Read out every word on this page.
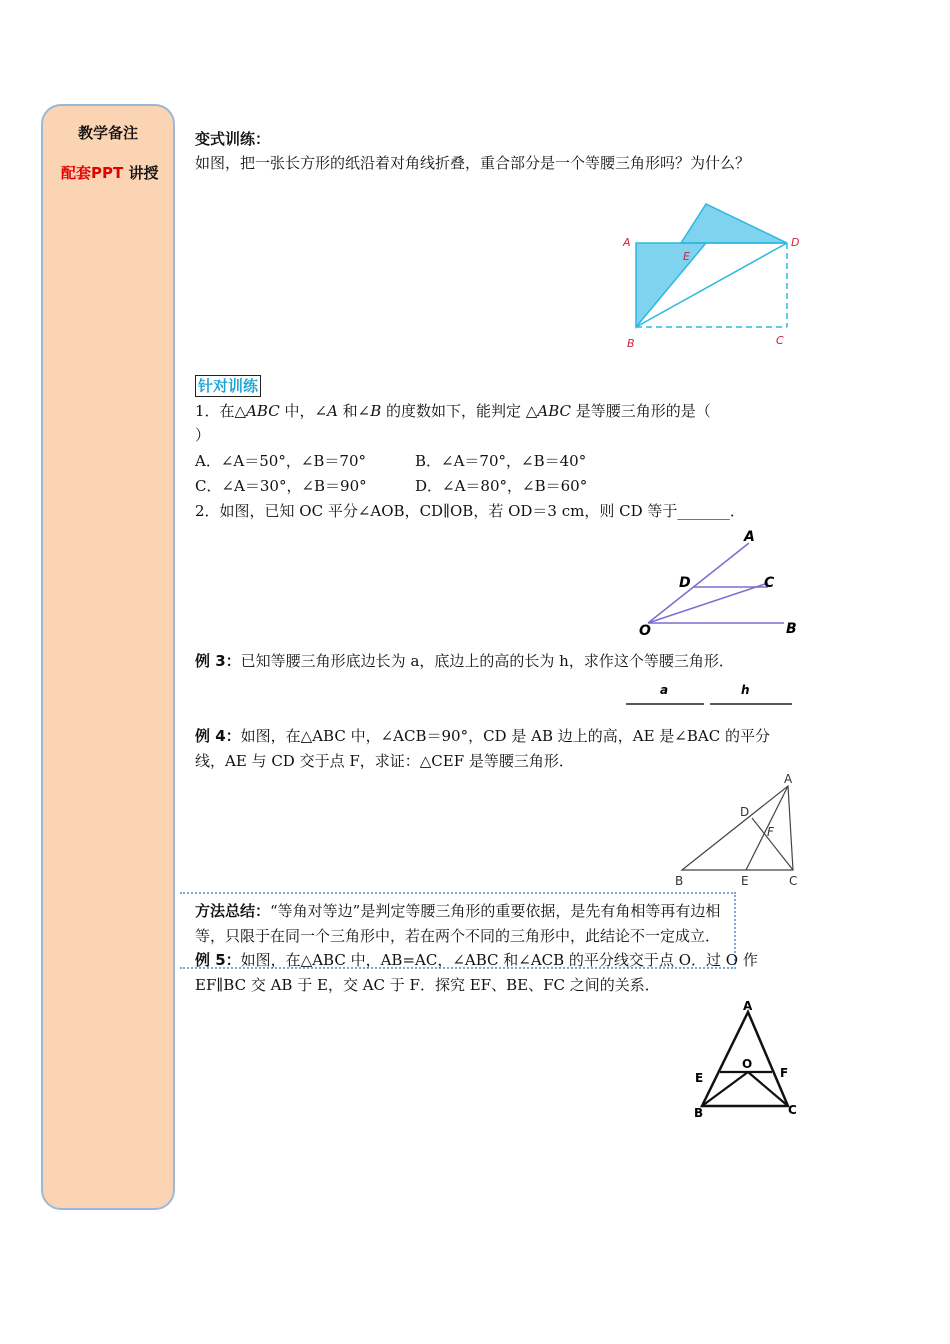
教学备注
配套PPT 讲授
变式训练：
如图，把一张长方形的纸沿着对角线折叠，重合部分是一个等腰三角形吗？为什么？
A	D
E
B	C
针对训练
1．在△ABC 中，∠A 和∠B 的度数如下，能判定 △ABC 是等腰三角形的是（
）
A．∠A＝50°，∠B＝70°	B．∠A＝70°，∠B＝40°
C．∠A＝30°，∠B＝90°	D．∠A＝80°，∠B＝60°
2．如图，已知 OC 平分∠AOB，CD∥OB，若 OD＝3 cm，则 CD 等于_______．
A
D	C
O	B
例 3：已知等腰三角形底边长为 a，底边上的高的长为 h，求作这个等腰三角形．
a	h
例 4：如图，在△ABC 中，∠ACB＝90°，CD 是 AB 边上的高，AE 是∠BAC 的平分
线，AE 与 CD 交于点 F，求证：△CEF 是等腰三角形．
A
D
F
B	E	C
方法总结：“等角对等边”是判定等腰三角形的重要依据，是先有角相等再有边相
等，只限于在同一个三角形中，若在两个不同的三角形中，此结论不一定成立．
例 5：如图，在△ABC 中，AB=AC，∠ABC 和∠ACB 的平分线交于点 O．过 O 作
EF∥BC 交 AB 于 E，交 AC 于 F．探究 EF、BE、FC 之间的关系．
A
O
E	F
B	C
